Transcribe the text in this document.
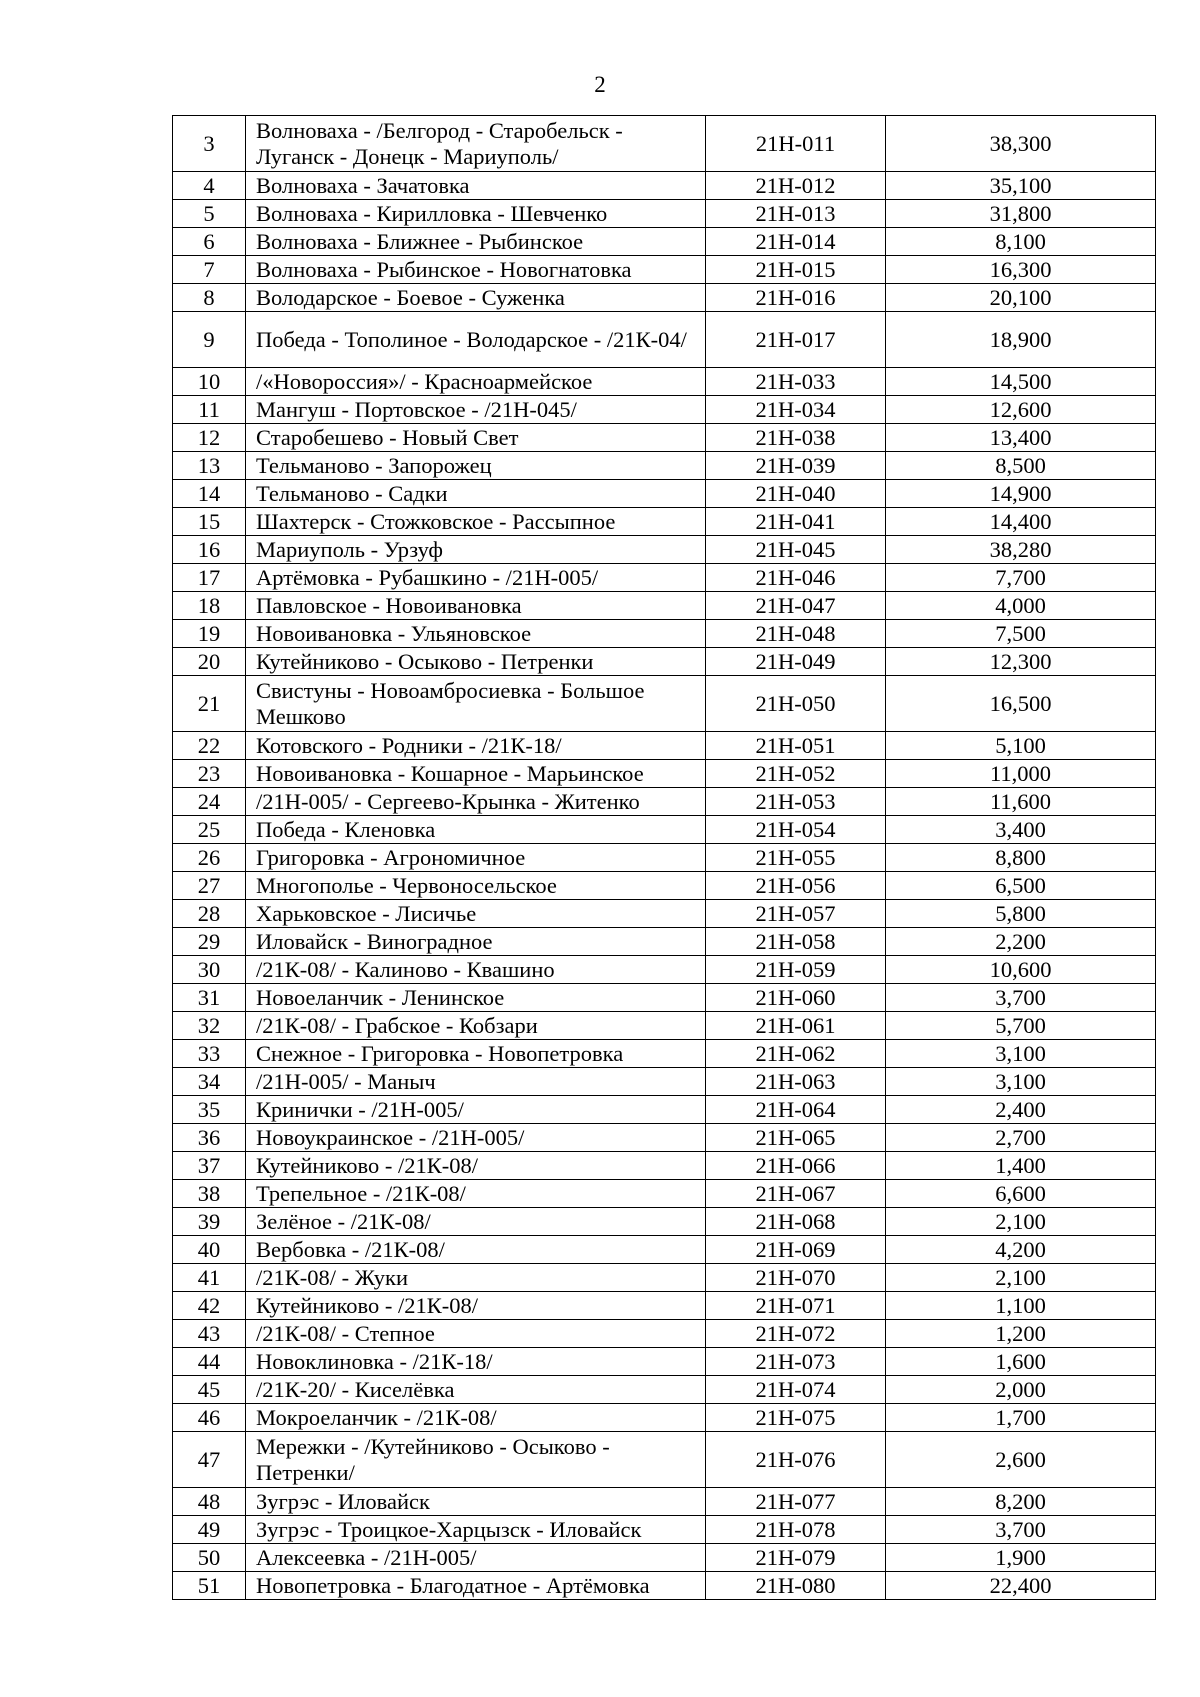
2
3	Волноваха - /Белгород - Старобельск - Луганск - Донецк - Мариуполь/	21Н-011	38,300
4	Волноваха - Зачатовка	21Н-012	35,100
5	Волноваха - Кирилловка - Шевченко	21Н-013	31,800
6	Волноваха - Ближнее - Рыбинское	21Н-014	8,100
7	Волноваха - Рыбинское - Новогнатовка	21Н-015	16,300
8	Володарское - Боевое - Суженка	21Н-016	20,100
9	Победа - Тополиное - Володарское - /21К-04/	21Н-017	18,900
10	/«Новороссия»/ - Красноармейское	21Н-033	14,500
11	Мангуш - Портовское - /21Н-045/	21Н-034	12,600
12	Старобешево - Новый Свет	21Н-038	13,400
13	Тельманово - Запорожец	21Н-039	8,500
14	Тельманово - Садки	21Н-040	14,900
15	Шахтерск - Стожковское - Рассыпное	21Н-041	14,400
16	Мариуполь - Урзуф	21Н-045	38,280
17	Артёмовка - Рубашкино - /21Н-005/	21Н-046	7,700
18	Павловское - Новоивановка	21Н-047	4,000
19	Новоивановка - Ульяновское	21Н-048	7,500
20	Кутейниково - Осыково - Петренки	21Н-049	12,300
21	Свистуны - Новоамбросиевка - Большое Мешково	21Н-050	16,500
22	Котовского - Родники - /21К-18/	21Н-051	5,100
23	Новоивановка - Кошарное - Марьинское	21Н-052	11,000
24	/21Н-005/ - Сергеево-Крынка - Житенко	21Н-053	11,600
25	Победа - Кленовка	21Н-054	3,400
26	Григоровка - Агрономичное	21Н-055	8,800
27	Многополье - Червоносельское	21Н-056	6,500
28	Харьковское - Лисичье	21Н-057	5,800
29	Иловайск - Виноградное	21Н-058	2,200
30	/21К-08/ - Калиново - Квашино	21Н-059	10,600
31	Новоеланчик - Ленинское	21Н-060	3,700
32	/21К-08/ - Грабское - Кобзари	21Н-061	5,700
33	Снежное - Григоровка - Новопетровка	21Н-062	3,100
34	/21Н-005/ - Маныч	21Н-063	3,100
35	Кринички - /21Н-005/	21Н-064	2,400
36	Новоукраинское - /21Н-005/	21Н-065	2,700
37	Кутейниково - /21К-08/	21Н-066	1,400
38	Трепельное - /21К-08/	21Н-067	6,600
39	Зелёное - /21К-08/	21Н-068	2,100
40	Вербовка - /21К-08/	21Н-069	4,200
41	/21К-08/ - Жуки	21Н-070	2,100
42	Кутейниково - /21К-08/	21Н-071	1,100
43	/21К-08/ - Степное	21Н-072	1,200
44	Новоклиновка - /21К-18/	21Н-073	1,600
45	/21К-20/ - Киселёвка	21Н-074	2,000
46	Мокроеланчик - /21К-08/	21Н-075	1,700
47	Мережки - /Кутейниково - Осыково - Петренки/	21Н-076	2,600
48	Зугрэс - Иловайск	21Н-077	8,200
49	Зугрэс - Троицкое-Харцызск - Иловайск	21Н-078	3,700
50	Алексеевка - /21Н-005/	21Н-079	1,900
51	Новопетровка - Благодатное - Артёмовка	21Н-080	22,400
